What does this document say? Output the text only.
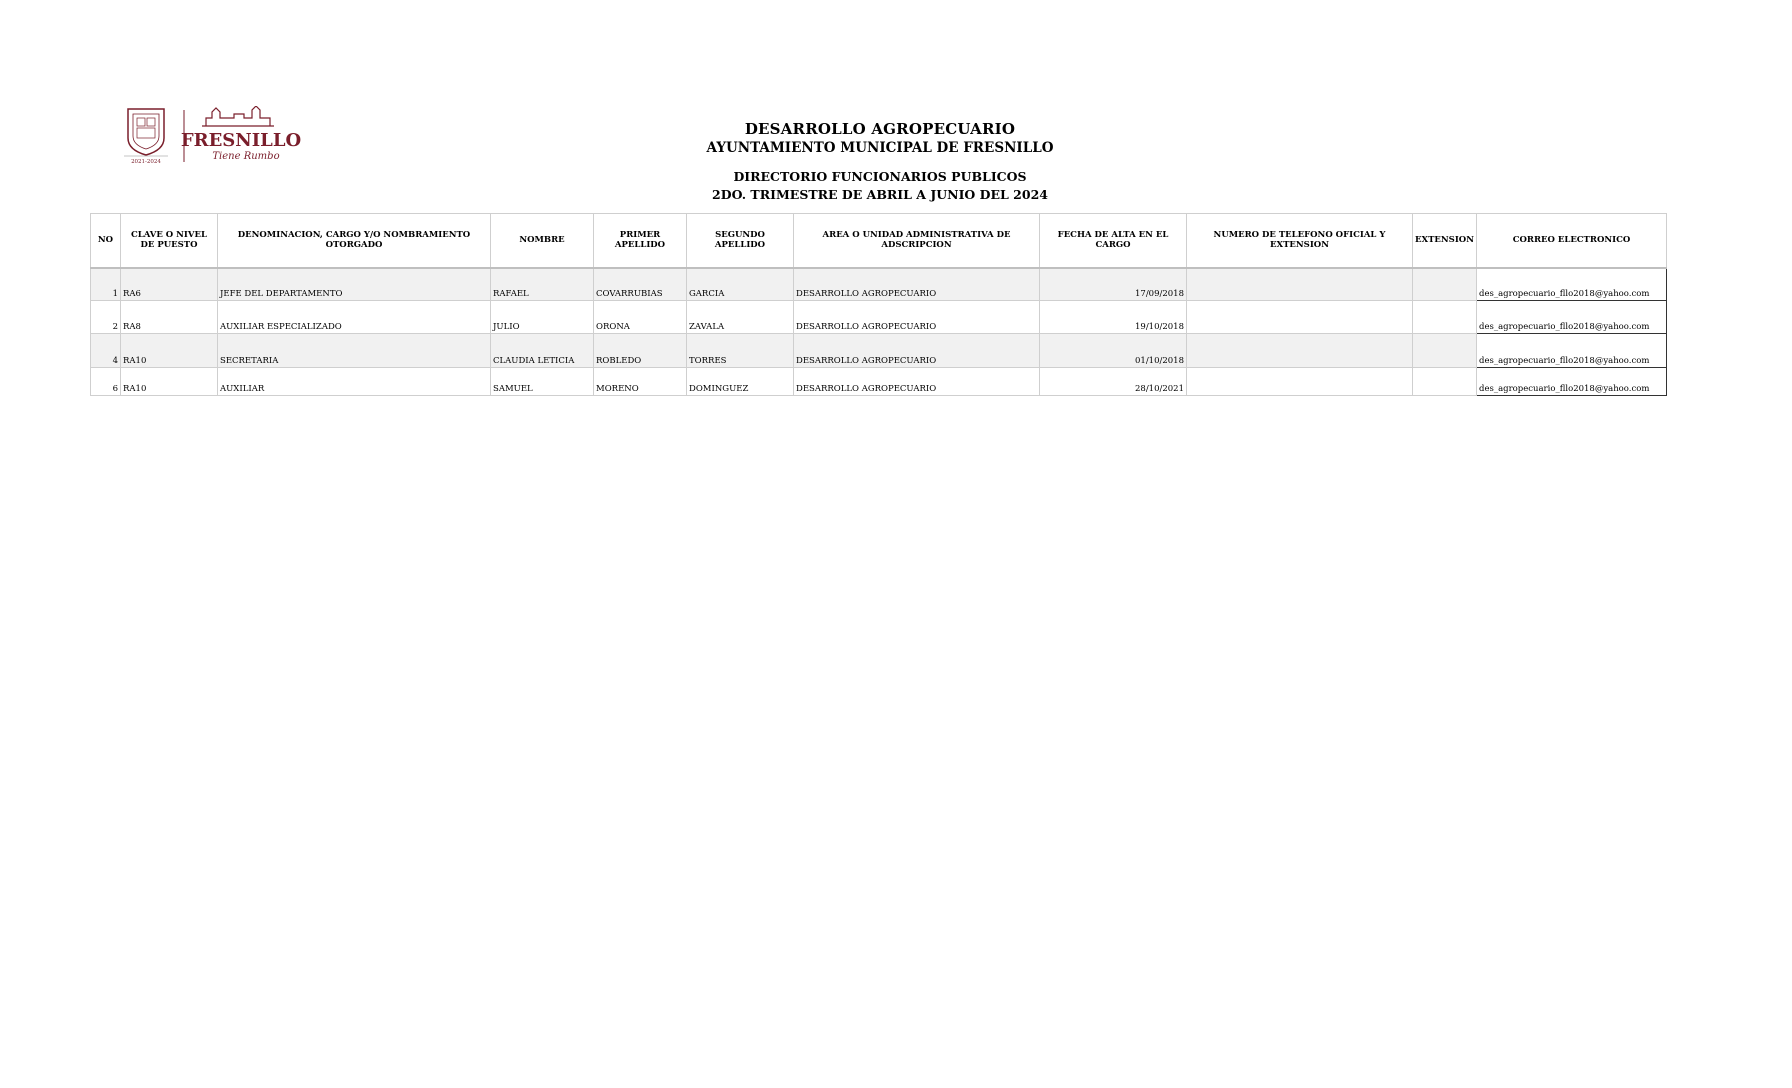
2021-2024
FRESNILLO
Tiene Rumbo
DESARROLLO AGROPECUARIO
AYUNTAMIENTO MUNICIPAL DE FRESNILLO
DIRECTORIO FUNCIONARIOS PUBLICOS
2DO. TRIMESTRE DE ABRIL A JUNIO DEL 2024
NO	CLAVE O NIVEL DE PUESTO	DENOMINACION, CARGO Y/O NOMBRAMIENTO OTORGADO	NOMBRE	PRIMER APELLIDO	SEGUNDO APELLIDO	AREA O UNIDAD ADMINISTRATIVA DE ADSCRIPCION	FECHA DE ALTA EN EL CARGO	NUMERO DE TELEFONO OFICIAL Y EXTENSION	EXTENSION	CORREO ELECTRONICO
1	RA6	JEFE DEL DEPARTAMENTO	RAFAEL	COVARRUBIAS	GARCIA	DESARROLLO AGROPECUARIO	17/09/2018			des_agropecuario_fllo2018@yahoo.com
2	RA8	AUXILIAR ESPECIALIZADO	JULIO	ORONA	ZAVALA	DESARROLLO AGROPECUARIO	19/10/2018			des_agropecuario_fllo2018@yahoo.com
4	RA10	SECRETARIA	CLAUDIA LETICIA	ROBLEDO	TORRES	DESARROLLO AGROPECUARIO	01/10/2018			des_agropecuario_fllo2018@yahoo.com
6	RA10	AUXILIAR	SAMUEL	MORENO	DOMINGUEZ	DESARROLLO AGROPECUARIO	28/10/2021			des_agropecuario_fllo2018@yahoo.com
